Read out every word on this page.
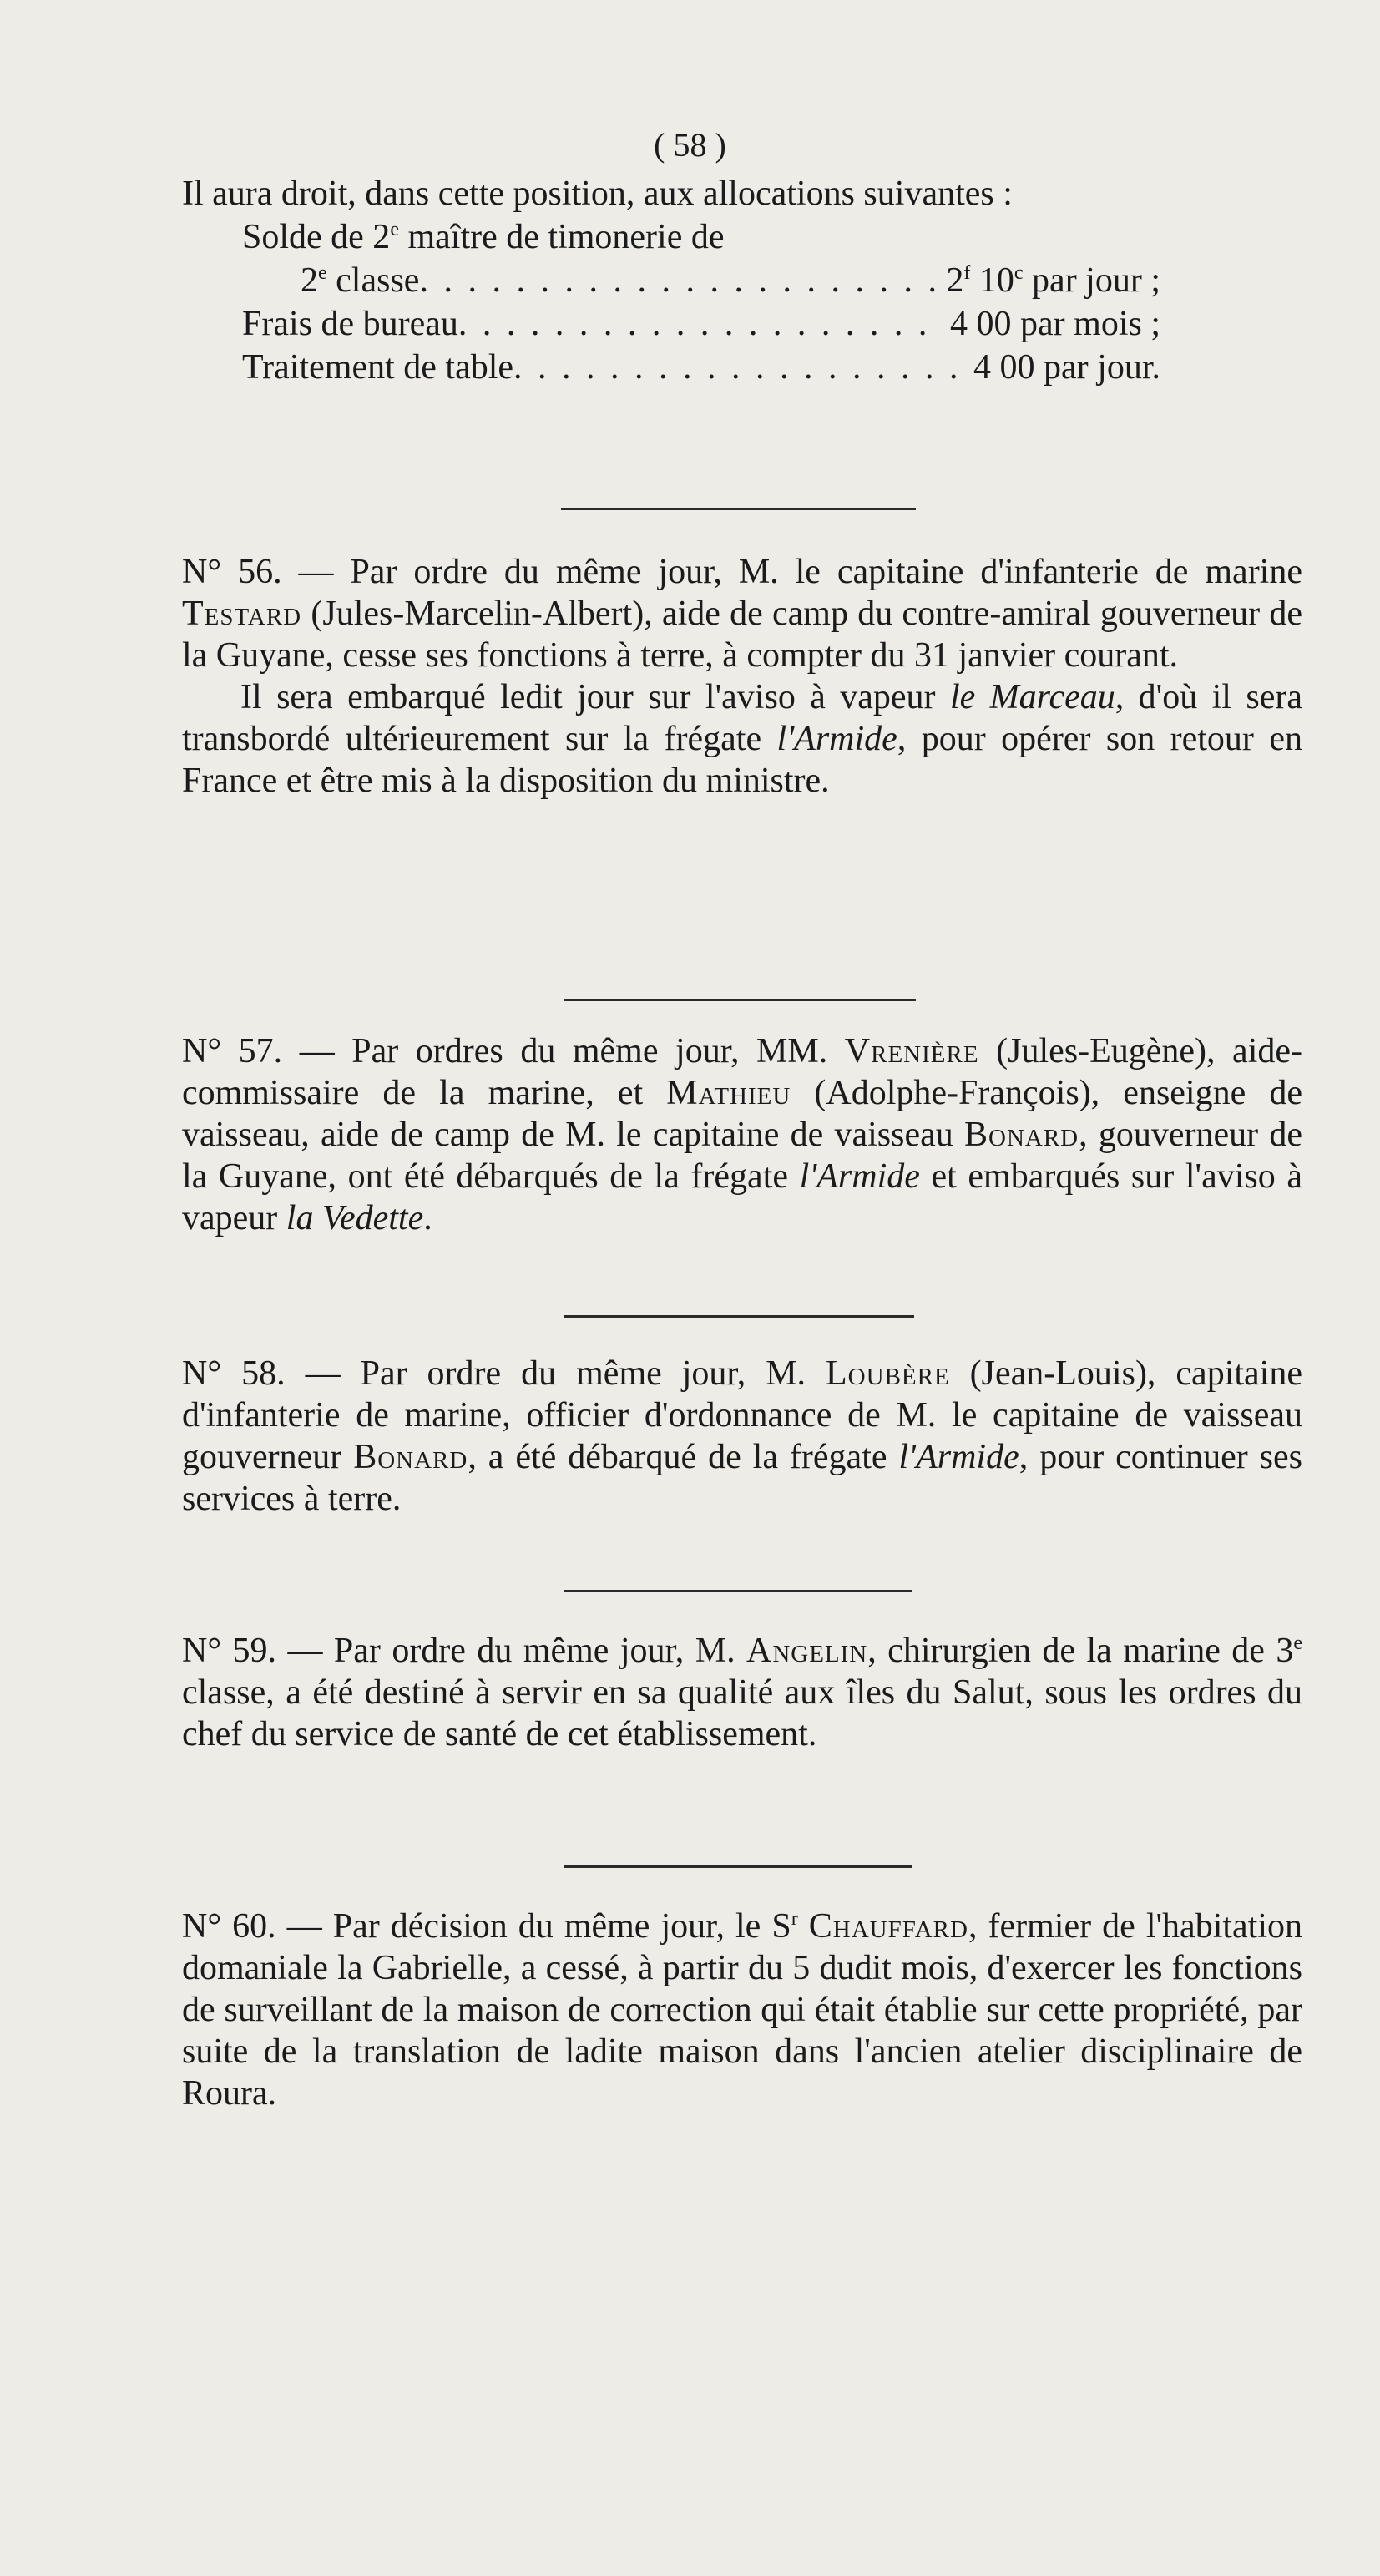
( 58 )
Il aura droit, dans cette position, aux allocations suivantes :
Solde de 2e maître de timonerie de
2e classe . . .	2$^f$ 10$^c$ par jour ;
Frais de bureau . . .	4 00 par mois ;
Traitement de table . . .	4 00 par jour.
N° 56. — Par ordre du même jour, M. le capitaine d'infanterie de marine Testard (Jules-Marcelin-Albert), aide de camp du contre-amiral gouverneur de la Guyane, cesse ses fonctions à terre, à compter du 31 janvier courant.
Il sera embarqué ledit jour sur l'aviso à vapeur le Marceau, d'où il sera transbordé ultérieurement sur la frégate l'Armide, pour opérer son retour en France et être mis à la disposition du ministre.
N° 57. — Par ordres du même jour, MM. Vrenière (Jules-Eugène), aide-commissaire de la marine, et Mathieu (Adolphe-François), enseigne de vaisseau, aide de camp de M. le capitaine de vaisseau Bonard, gouverneur de la Guyane, ont été débarqués de la frégate l'Armide et embarqués sur l'aviso à vapeur la Vedette.
N° 58. — Par ordre du même jour, M. Loubère (Jean-Louis), capitaine d'infanterie de marine, officier d'ordonnance de M. le capitaine de vaisseau gouverneur Bonard, a été débarqué de la frégate l'Armide, pour continuer ses services à terre.
N° 59. — Par ordre du même jour, M. Angelin, chirurgien de la marine de 3e classe, a été destiné à servir en sa qualité aux îles du Salut, sous les ordres du chef du service de santé de cet établissement.
N° 60. — Par décision du même jour, le $S^r$ Chauffard, fermier de l'habitation domaniale la Gabrielle, a cessé, à partir du 5 dudit mois, d'exercer les fonctions de surveillant de la maison de correction qui était établie sur cette propriété, par suite de la translation de ladite maison dans l'ancien atelier disciplinaire de Roura.
